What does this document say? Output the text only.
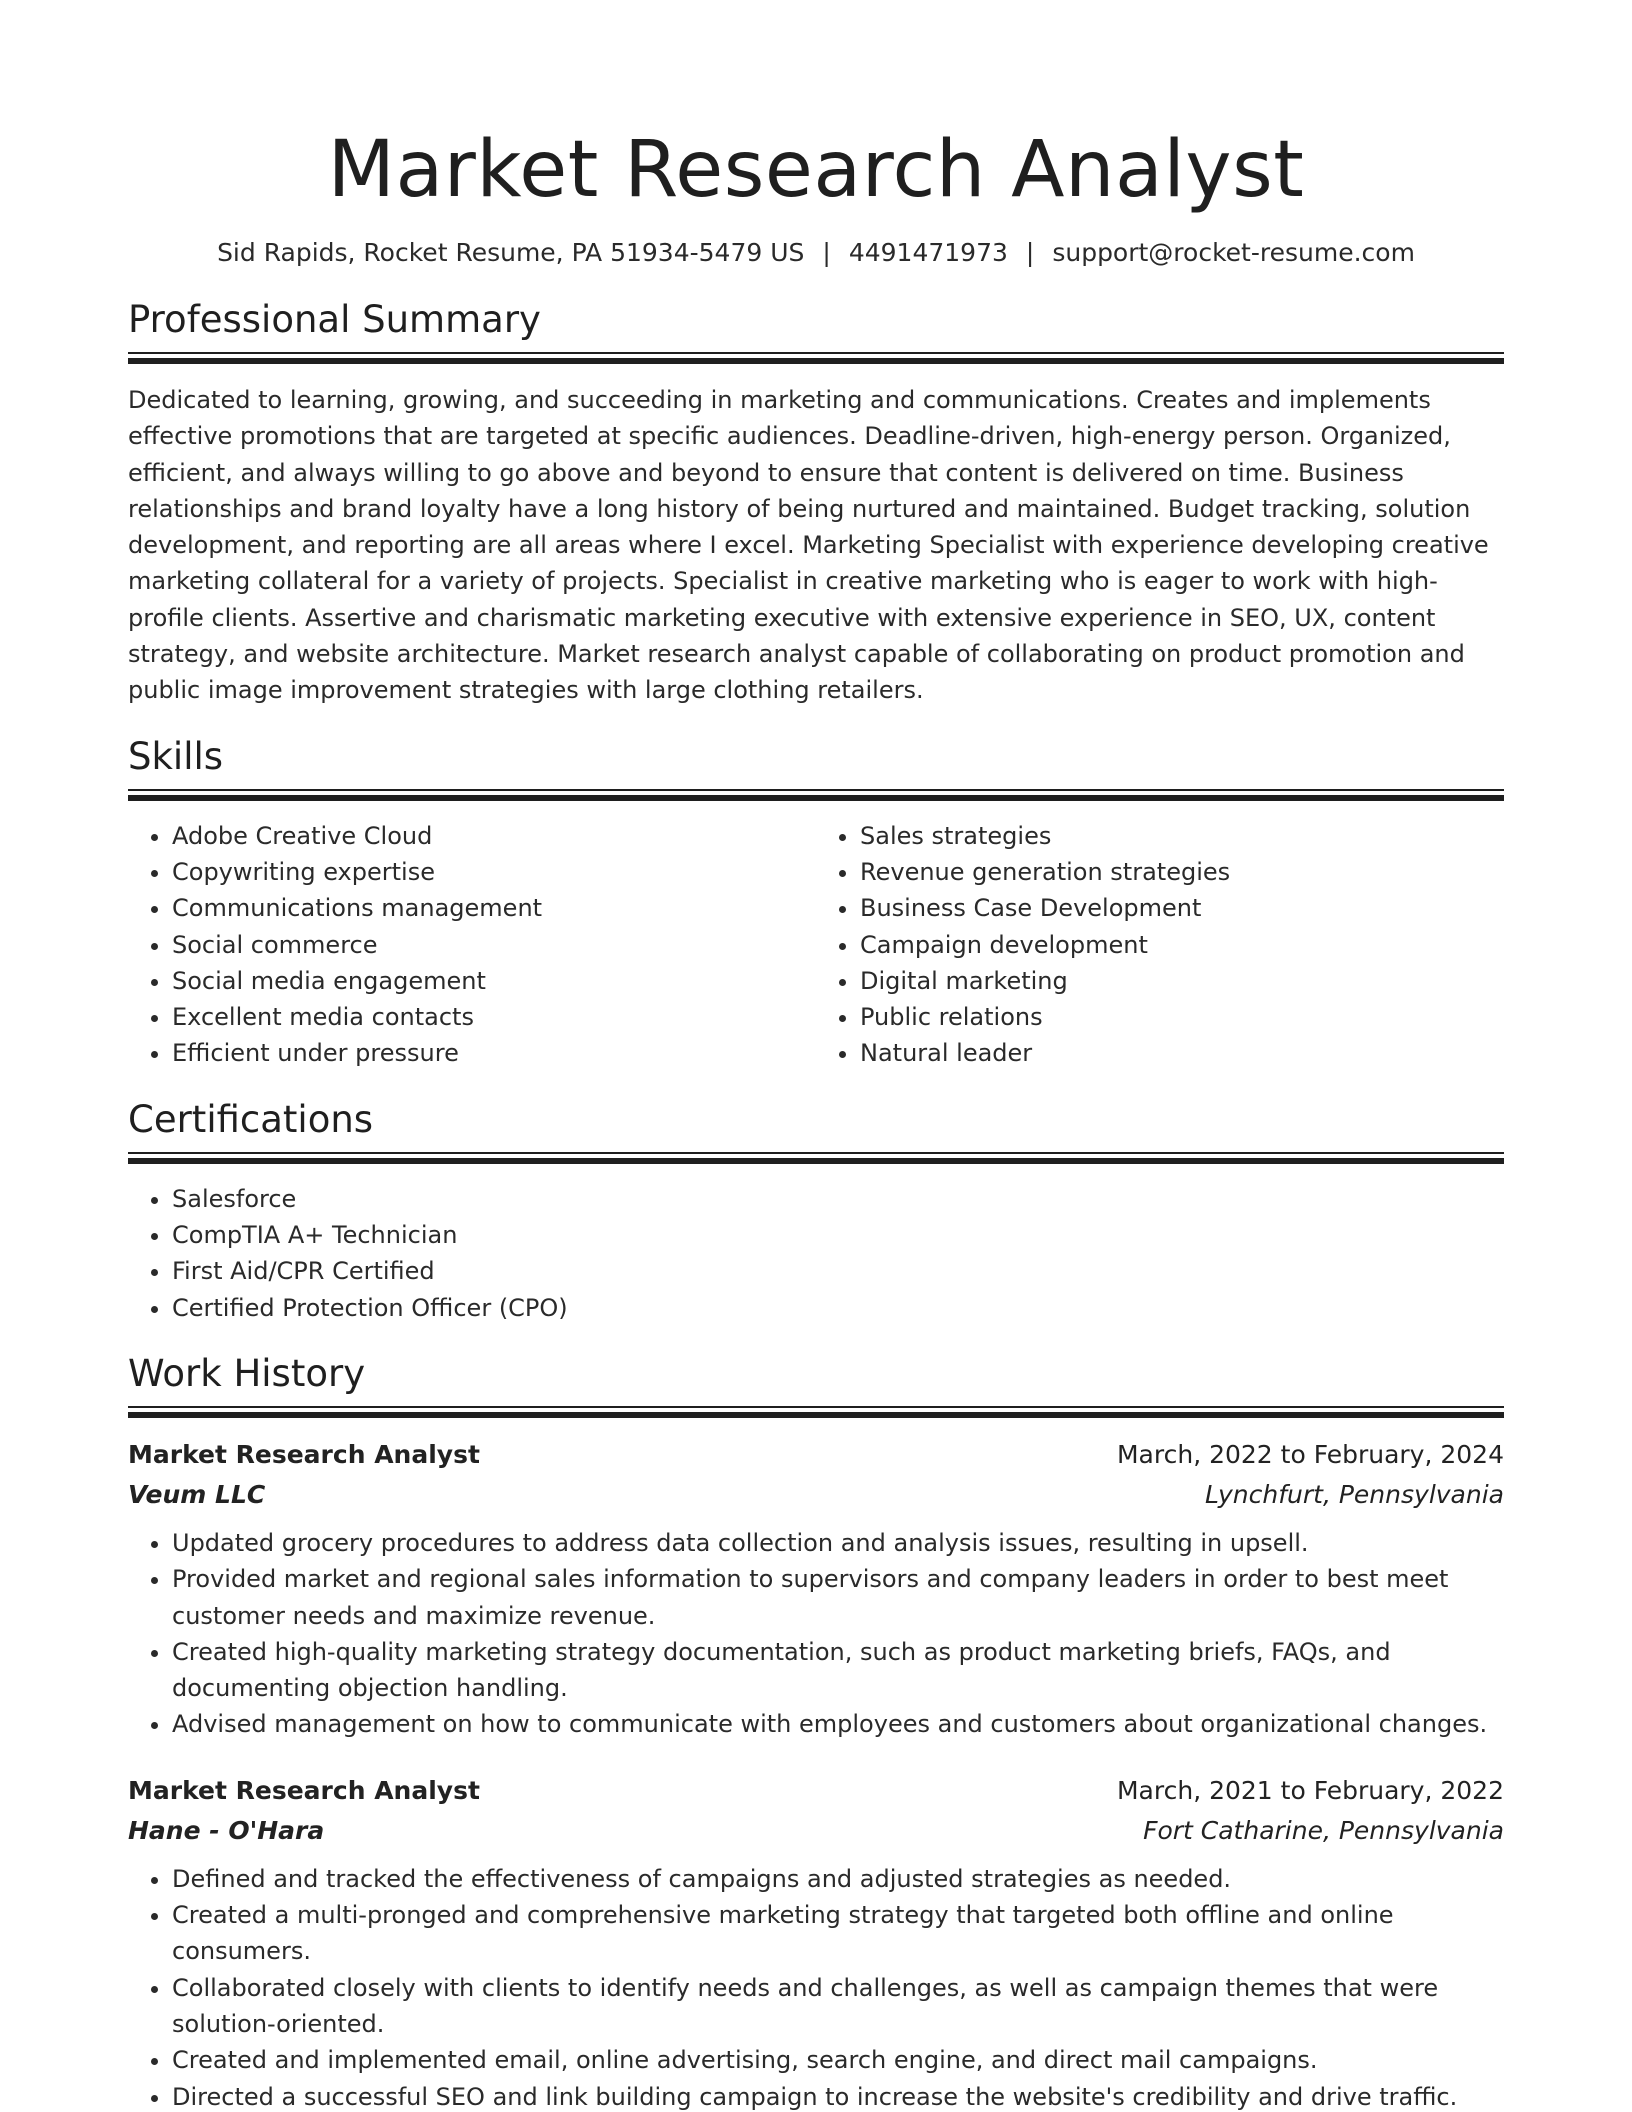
Market Research Analyst
Sid Rapids, Rocket Resume, PA 51934-5479 US | 4491471973 | support@rocket-resume.com
Professional Summary

Dedicated to learning, growing, and succeeding in marketing and communications. Creates and implements effective promotions that are targeted at specific audiences. Deadline-driven, high-energy person. Organized, efficient, and always willing to go above and beyond to ensure that content is delivered on time. Business relationships and brand loyalty have a long history of being nurtured and maintained. Budget tracking, solution development, and reporting are all areas where I excel. Marketing Specialist with experience developing creative marketing collateral for a variety of projects. Specialist in creative marketing who is eager to work with high-profile clients. Assertive and charismatic marketing executive with extensive experience in SEO, UX, content strategy, and website architecture. Market research analyst capable of collaborating on product promotion and public image improvement strategies with large clothing retailers.

Skills
• Adobe Creative Cloud
• Copywriting expertise
• Communications management
• Social commerce
• Social media engagement
• Excellent media contacts
• Efficient under pressure
• Sales strategies
• Revenue generation strategies
• Business Case Development
• Campaign development
• Digital marketing
• Public relations
• Natural leader
Certifications
• Salesforce
• CompTIA A+ Technician
• First Aid/CPR Certified
• Certified Protection Officer (CPO)
Work History
Market Research Analyst	March, 2022 to February, 2024
Veum LLC	Lynchfurt, Pennsylvania
• Updated grocery procedures to address data collection and analysis issues, resulting in upsell.
• Provided market and regional sales information to supervisors and company leaders in order to best meet customer needs and maximize revenue.
• Created high-quality marketing strategy documentation, such as product marketing briefs, FAQs, and documenting objection handling.
• Advised management on how to communicate with employees and customers about organizational changes.
Market Research Analyst	March, 2021 to February, 2022
Hane - O'Hara	Fort Catharine, Pennsylvania
• Defined and tracked the effectiveness of campaigns and adjusted strategies as needed.
• Created a multi-pronged and comprehensive marketing strategy that targeted both offline and online consumers.
• Collaborated closely with clients to identify needs and challenges, as well as campaign themes that were solution-oriented.
• Created and implemented email, online advertising, search engine, and direct mail campaigns.
• Directed a successful SEO and link building campaign to increase the website's credibility and drive traffic.
